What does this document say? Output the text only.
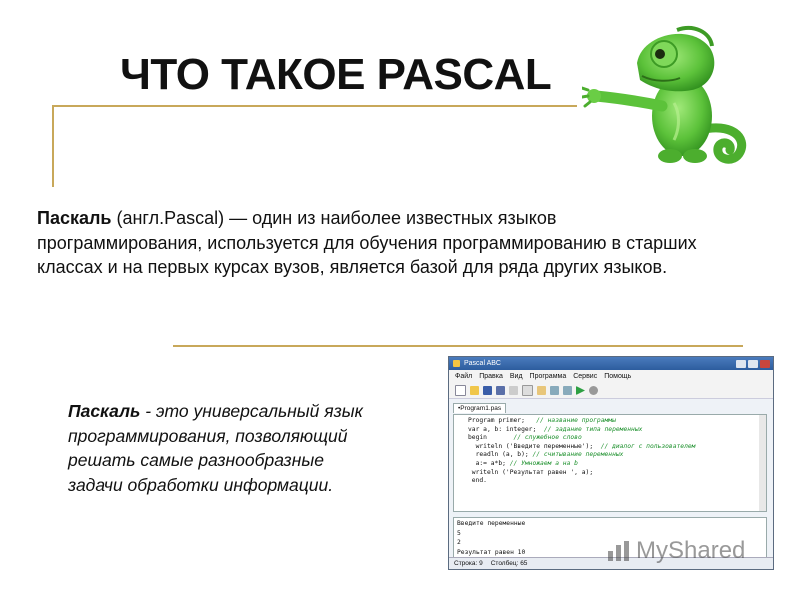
ЧТО ТАКОЕ PASCAL
Паскаль (англ.Pascal) — один из наиболее известных языков программирования, используется для обучения программированию в старших классах и на первых курсах вузов, является базой для ряда других языков.
Паскаль - это универсальный язык программирования, позволяющий решать самые разнообразные задачи обработки информации.
Pascal ABC
Файл Правка Вид Программа Сервис Помощь
•Program1.pas
Program primer;   // название программы
var a, b: integer;  // задание типа переменных
begin       // служебное слово
writeln ('Введите переменные');  // диалог с пользователем
readln (a, b); // считывание переменных
a:= a*b; // Умножаем a на b
writeln ('Результат равен ', a);
end.
Введите переменные
5
2
Результат равен 10
Строка: 9 Столбец: 65	MyShared
